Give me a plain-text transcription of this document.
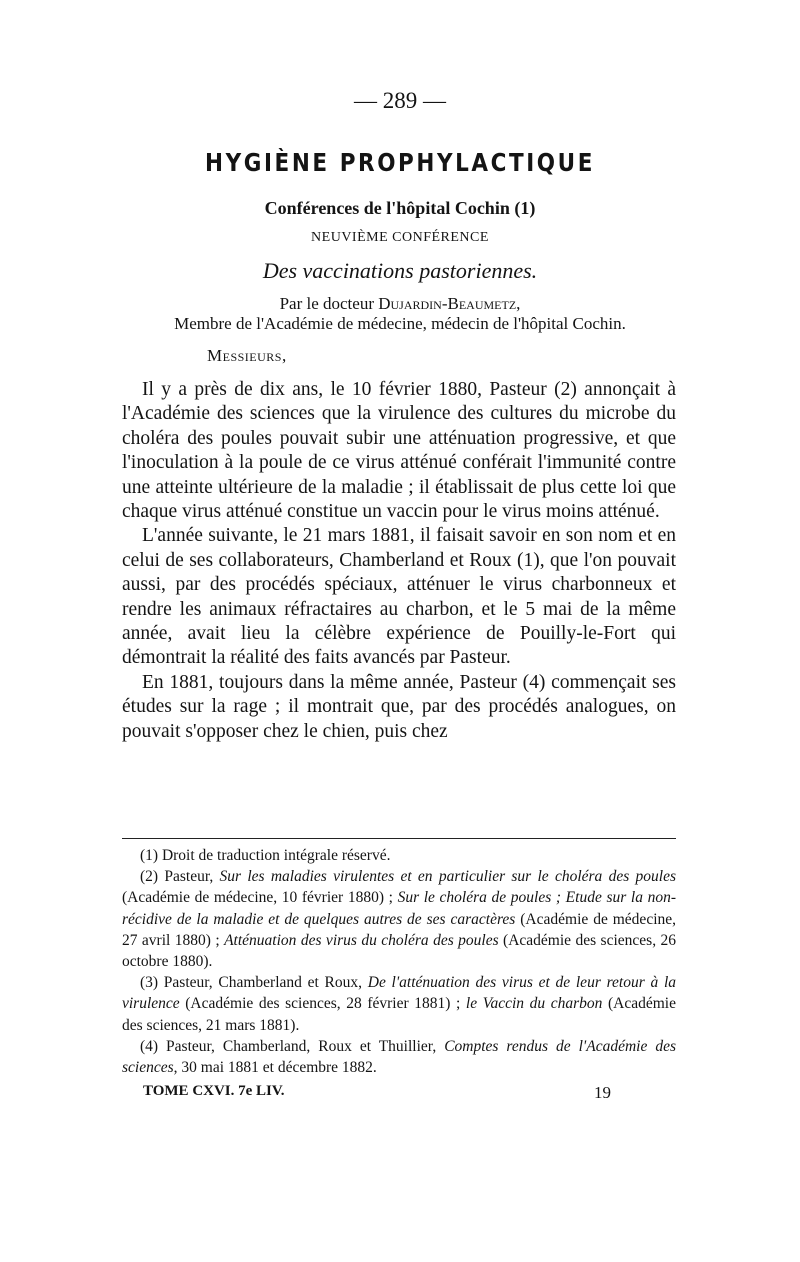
— 289 —
HYGIÈNE PROPHYLACTIQUE
Conférences de l'hôpital Cochin (1)
NEUVIÈME CONFÉRENCE
Des vaccinations pastoriennes.
Par le docteur Dujardin-Beaumetz,
Membre de l'Académie de médecine, médecin de l'hôpital Cochin.
Messieurs,

Il y a près de dix ans, le 10 février 1880, Pasteur (2) annonçait à l'Académie des sciences que la virulence des cultures du microbe du choléra des poules pouvait subir une atténuation progressive, et que l'inoculation à la poule de ce virus atténué conférait l'immunité contre une atteinte ultérieure de la maladie ; il établissait de plus cette loi que chaque virus atténué constitue un vaccin pour le virus moins atténué.

L'année suivante, le 21 mars 1881, il faisait savoir en son nom et en celui de ses collaborateurs, Chamberland et Roux (1), que l'on pouvait aussi, par des procédés spéciaux, atténuer le virus charbonneux et rendre les animaux réfractaires au charbon, et le 5 mai de la même année, avait lieu la célèbre expérience de Pouilly-le-Fort qui démontrait la réalité des faits avancés par Pasteur.

En 1881, toujours dans la même année, Pasteur (4) commençait ses études sur la rage ; il montrait que, par des procédés analogues, on pouvait s'opposer chez le chien, puis chez

(1) Droit de traduction intégrale réservé.

(2) Pasteur, Sur les maladies virulentes et en particulier sur le choléra des poules (Académie de médecine, 10 février 1880) ; Sur le choléra de poules ; Etude sur la non-récidive de la maladie et de quelques autres de ses caractères (Académie de médecine, 27 avril 1880) ; Atténuation des virus du choléra des poules (Académie des sciences, 26 octobre 1880).

(3) Pasteur, Chamberland et Roux, De l'atténuation des virus et de leur retour à la virulence (Académie des sciences, 28 février 1881) ; le Vaccin du charbon (Académie des sciences, 21 mars 1881).

(4) Pasteur, Chamberland, Roux et Thuillier, Comptes rendus de l'Académie des sciences, 30 mai 1881 et décembre 1882.

TOME CXVI. 7e LIV.	19
